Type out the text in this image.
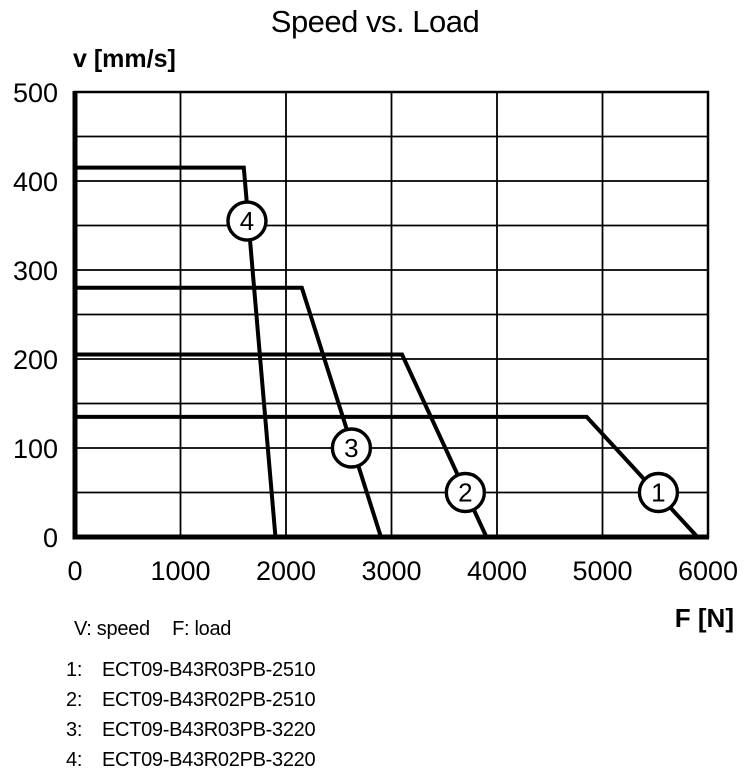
Speed vs. Load
v [mm/s]
1
2
3
4
0
100
200
300
400
500
0	1000 2000 3000 4000 5000 6000
F [N]
V: speed F: load
1: ECT09-B43R03PB-2510
2: ECT09-B43R02PB-2510
3: ECT09-B43R03PB-3220
4: ECT09-B43R02PB-3220
